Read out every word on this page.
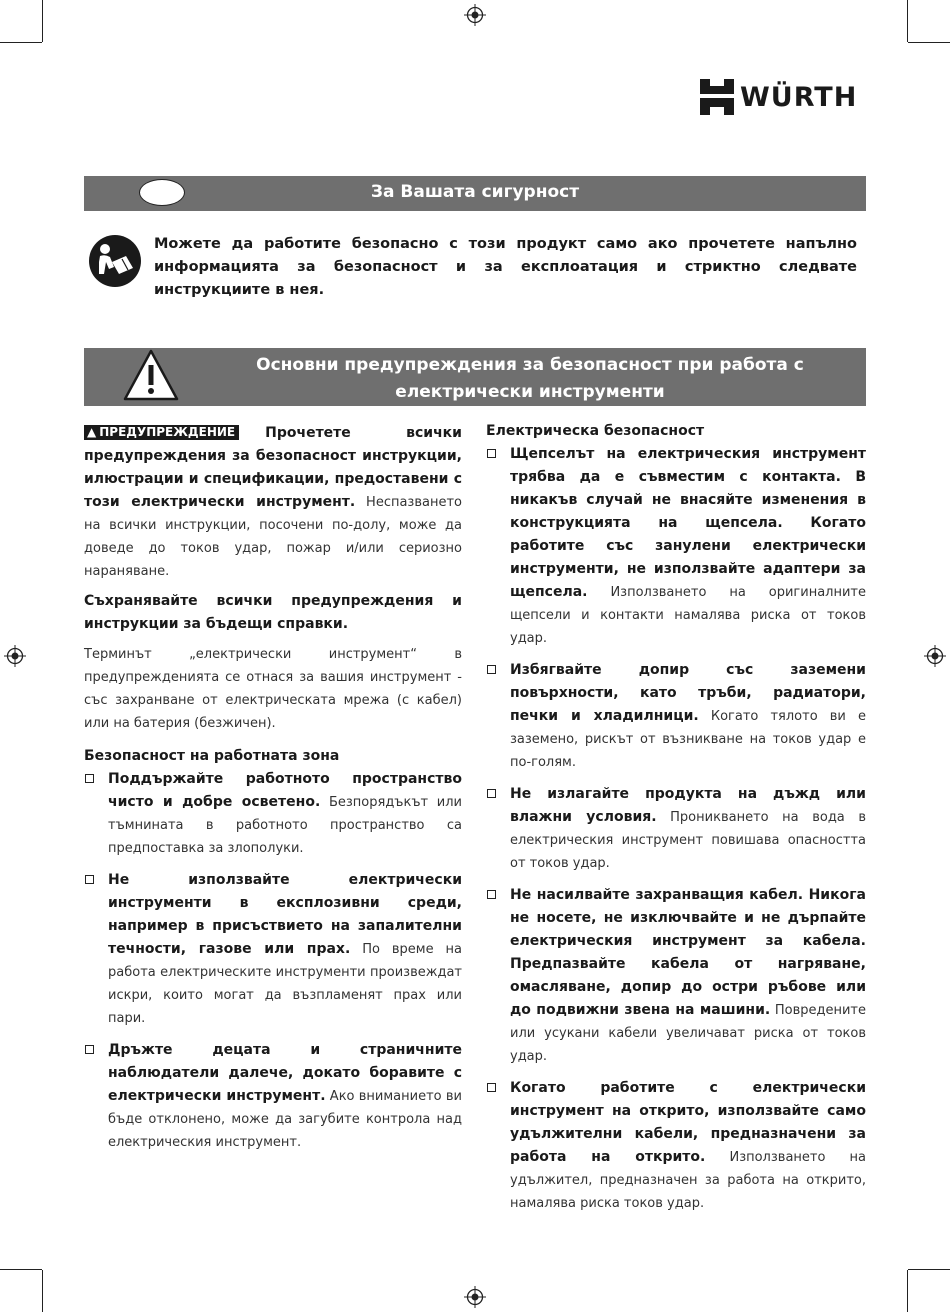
WÜRTH
За Вашата сигурност
Можете да работите безопасно с този продукт само ако прочетете напълно информацията за безопасност и за експлоатация и стриктно следвате инструкциите в нея.
Основни предупреждения за безопасност при работа с електрически инструменти

▲ ПРЕДУПРЕЖДЕНИЕ Прочетете всички предупреждения за безопасност инструкции, илюстрации и спецификации, предоставени с този електрически инструмент. Неспазването на всички инструкции, посочени по-долу, може да доведе до токов удар, пожар и/или сериозно нараняване.

Съхранявайте всички предупреждения и инструкции за бъдещи справки.

Терминът „електрически инструмент“ в предупрежденията се отнася за вашия инструмент - със захранване от електрическата мрежа (с кабел) или на батерия (безжичен).

Безопасност на работната зона

Поддържайте работното пространство чисто и добре осветено. Безпорядъкът или тъмнината в работното пространство са предпоставка за злополуки.
Не използвайте електрически инструменти в експлозивни среди, например в присъствието на запалителни течности, газове или прах. По време на работа електрическите инструменти произвеждат искри, които могат да възпламенят прах или пари.
Дръжте децата и страничните наблюдатели далече, докато боравите с електрически инструмент. Ако вниманието ви бъде отклонено, може да загубите контрола над електрическия инструмент.

Електрическа безопасност

Щепселът на електрическия инструмент трябва да е съвместим с контакта. В никакъв случай не внасяйте изменения в конструкцията на щепсела. Когато работите със занулени електрически инструменти, не използвайте адаптери за щепсела. Използването на оригиналните щепсели и контакти намалява риска от токов удар.
Избягвайте допир със заземени повърхности, като тръби, радиатори, печки и хладилници. Когато тялото ви е заземено, рискът от възникване на токов удар е по-голям.
Не излагайте продукта на дъжд или влажни условия. Проникването на вода в електрическия инструмент повишава опасността от токов удар.
Не насилвайте захранващия кабел. Никога не носете, не изключвайте и не дърпайте електрическия инструмент за кабела. Предпазвайте кабела от нагряване, омасляване, допир до остри ръбове или до подвижни звена на машини. Повредените или усукани кабели увеличават риска от токов удар.
Когато работите с електрически инструмент на открито, използвайте само удължителни кабели, предназначени за работа на открито. Използването на удължител, предназначен за работа на открито, намалява риска токов удар.
